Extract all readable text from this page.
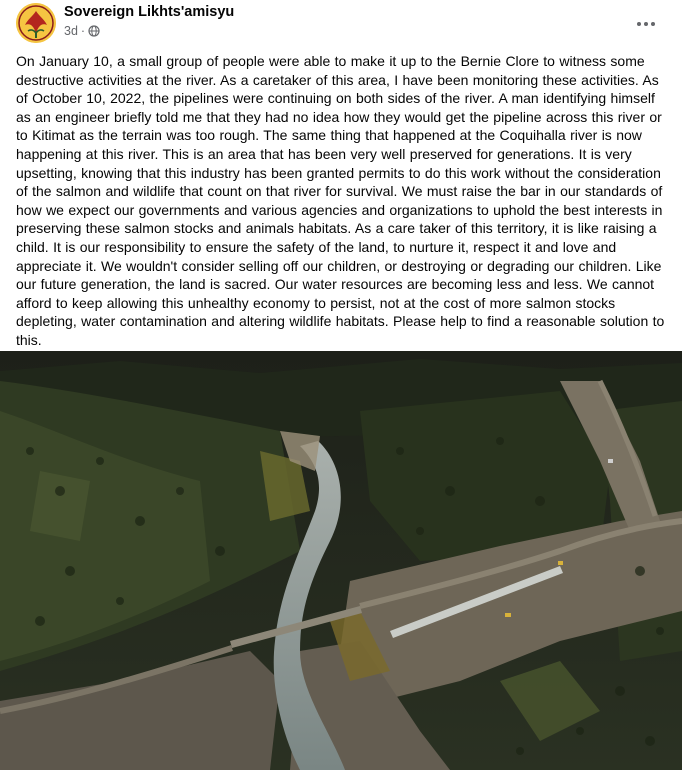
Sovereign Likhts'amisyu
3d ·
On January 10, a small group of people were able to make it up to the Bernie Clore to witness some destructive activities at the river. As a caretaker of this area, I have been monitoring these activities. As of October 10, 2022, the pipelines were continuing on both sides of the river. A man identifying himself as an engineer briefly told me that they had no idea how they would get the pipeline across this river or to Kitimat as the terrain was too rough. The same thing that happened at the Coquihalla river is now happening at this river. This is an area that has been very well preserved for generations. It is very upsetting, knowing that this industry has been granted permits to do this work without the consideration of the salmon and wildlife that count on that river for survival. We must raise the bar in our standards of how we expect our governments and various agencies and organizations to uphold the best interests in preserving these salmon stocks and animals habitats. As a care taker of this territory, it is like raising a child. It is our responsibility to ensure the safety of the land, to nurture it, respect it and love and appreciate it. We wouldn't consider selling off our children, or destroying or degrading our children. Like our future generation, the land is sacred. Our water resources are becoming less and less. We cannot afford to keep allowing this unhealthy economy to persist, not at the cost of more salmon stocks depleting, water contamination and altering wildlife habitats. Please help to find a reasonable solution to this.
